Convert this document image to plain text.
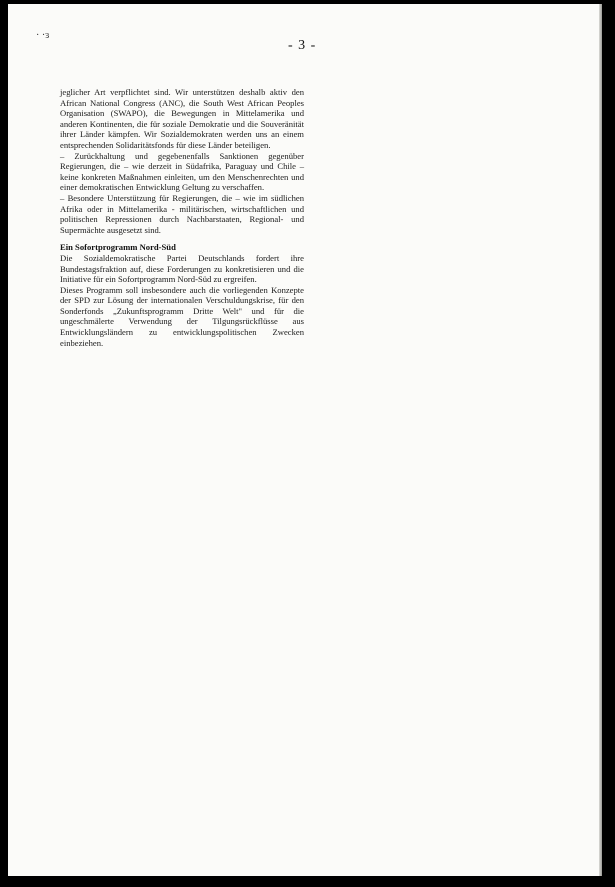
· ·ɜ

- 3 -

jeglicher Art verpflichtet sind. Wir unterstützen deshalb aktiv den African National Congress (ANC), die South West African Peoples Organisation (SWAPO), die Bewegungen in Mittelamerika und anderen Kontinenten, die für soziale Demokratie und die Souveränität ihrer Länder kämpfen. Wir Sozialdemokraten werden uns an einem entsprechenden Solidaritätsfonds für diese Länder beteiligen.

– Zurückhaltung und gegebenenfalls Sanktionen gegenüber Regierungen, die – wie derzeit in Südafrika, Paraguay und Chile – keine konkreten Maßnahmen einleiten, um den Menschenrechten und einer demokratischen Entwicklung Geltung zu verschaffen.

– Besondere Unterstützung für Regierungen, die – wie im südlichen Afrika oder in Mittelamerika - militärischen, wirtschaftlichen und politischen Repressionen durch Nachbarstaaten, Regional- und Supermächte ausgesetzt sind.

Ein Sofortprogramm Nord-Süd

Die Sozialdemokratische Partei Deutschlands fordert ihre Bundestagsfraktion auf, diese Forderungen zu konkretisieren und die Initiative für ein Sofortprogramm Nord-Süd zu ergreifen.

Dieses Programm soll insbesondere auch die vorliegenden Konzepte der SPD zur Lösung der internationalen Verschuldungskrise, für den Sonderfonds „Zukunftsprogramm Dritte Welt" und für die ungeschmälerte Verwendung der Tilgungsrückflüsse aus Entwicklungsländern zu entwicklungspolitischen Zwecken einbeziehen.
